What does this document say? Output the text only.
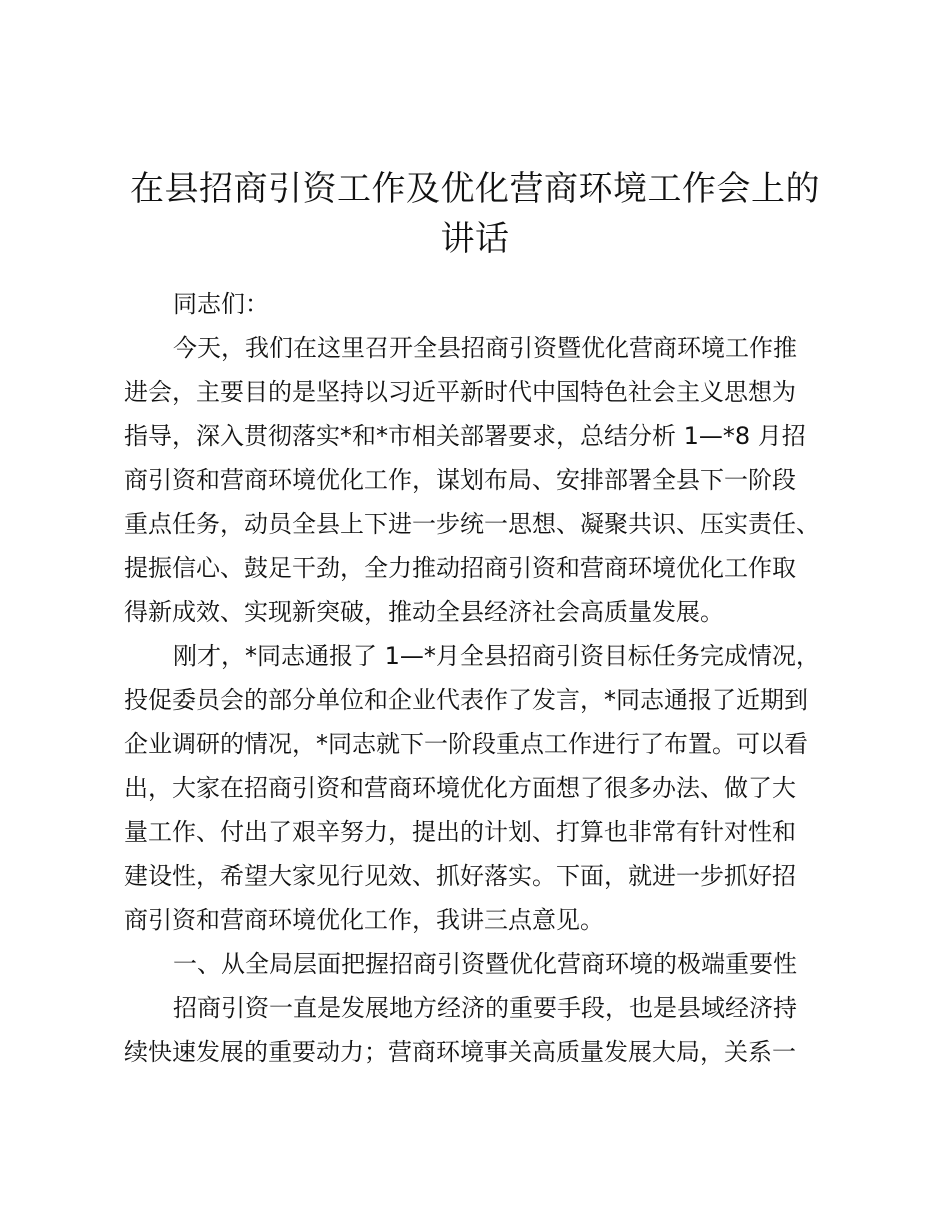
在县招商引资工作及优化营商环境工作会上的
讲话
同志们：
今天，我们在这里召开全县招商引资暨优化营商环境工作推
进会，主要目的是坚持以习近平新时代中国特色社会主义思想为
指导，深入贯彻落实*和*市相关部署要求，总结分析 1—*8 月招
商引资和营商环境优化工作，谋划布局、安排部署全县下一阶段
重点任务，动员全县上下进一步统一思想、凝聚共识、压实责任、
提振信心、鼓足干劲，全力推动招商引资和营商环境优化工作取
得新成效、实现新突破，推动全县经济社会高质量发展。
刚才，*同志通报了 1—*月全县招商引资目标任务完成情况，
投促委员会的部分单位和企业代表作了发言，*同志通报了近期到
企业调研的情况，*同志就下一阶段重点工作进行了布置。可以看
出，大家在招商引资和营商环境优化方面想了很多办法、做了大
量工作、付出了艰辛努力，提出的计划、打算也非常有针对性和
建设性，希望大家见行见效、抓好落实。下面，就进一步抓好招
商引资和营商环境优化工作，我讲三点意见。
一、从全局层面把握招商引资暨优化营商环境的极端重要性
招商引资一直是发展地方经济的重要手段，也是县域经济持
续快速发展的重要动力；营商环境事关高质量发展大局，关系一
